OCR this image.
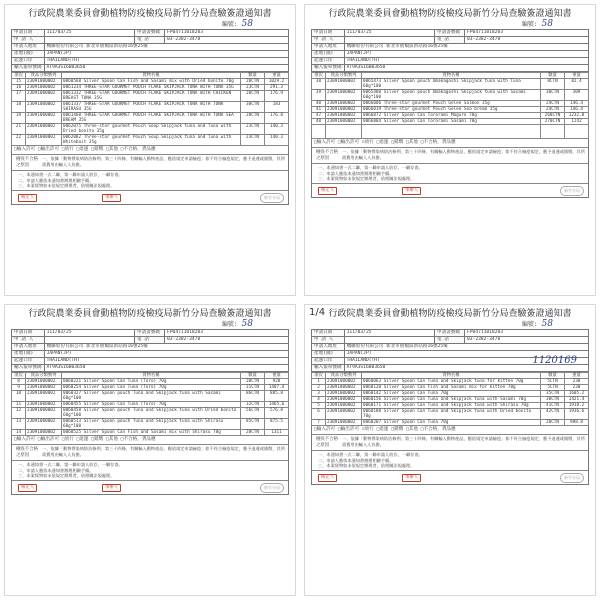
行政院農業委員會動植物防疫檢疫局新竹分局查驗簽證通知書
編號: 58
申請日期	111/03/25	申請書號碼	FP04711018203
申 請 人		電 話	03-2382-3478
申請人地址	機聯股份有限公司 新北市板橋區新站路16號25樓		
產地(國)	JAPAN(JP)		
起運口岸	THAILAND(TH)		
輸入報單號碼	AT9A3S16B03650		
項次	貨品分類號列	貨物名稱	數量	重量
15	23091000002	0060568 Silver Spoon Can Fish and Sasami mix with Dried bonito 70g	28CTN	1029.2
16	23091000002	0061234 THREE-STAR GOURMET POUCH FLAKE SKIPJACK TUNA WITH TUNA 35G	23CTN	291.3
17	23091000002	0061332 THREE-STAR GOURMET POUCH FLAKE SKIPJACK TUNA WITH CHICKEN BREAST TUNA 35G	20CTN	176.9
18	23091000002	0061337 THREE-STAR GOURMET POUCH FLAKE SKIPJACK TUNA WITH TUNA SHIRASU 35G	30CTN	183
19	23091000002	0061460 THREE-STAR GOURMET POUCH FLAKE SKIPJACK TUNA WITH TUNA SEA BREAM 35G	28CTN	176.8
21	23091000002	0062075 Three-star gourmet Pouch Soup Skipjack tuna and Tuna with Dried bonito 35g	23CTN	140.3
22	23091000002	0062082 Three-star gourmet Pouch Soup Skipjack tuna and Tuna with Whitebait 35g	23CTN	140.3
□輸入許可 □輸出許可 □放行 □退運 □銷燬 □其他 □不合格，貨品應
檢疫不合格之原因
一、依據「動物傳染病防治條例」第三十四條，有關輸入動物產品，應依規定申請檢疫；如不符合檢疫規定，應予退運或銷燬，其所需費用由輸入人負擔。
一、本通知書一式二聯，第一聯申請人收存，一聯存查。
二、申請人應依本通知書辦理相關手續。
三、本案貨物如未依規定辦理者，依相關法規處理。
核定人	承辦人	新竹分局
行政院農業委員會動植物防疫檢疫局新竹分局查驗簽證通知書
編號: 58
申請日期	111/03/25	申請書號碼	FP04711018203
申 請 人		電 話	03-2382-3478
申請人地址	機聯股份有限公司 新北市板橋區新站路16號25樓		
產地(國)	JAPAN(JP)		
起運口岸	THAILAND(TH)		
輸入報單號碼	AT9A3S16B03650		
項次	貨品分類號列	貨物名稱	數量	重量
38	23091000002	0065473 Silver Spoon pouch Umakagoshi Skipjack tuna with Tuna 60g*100	8CTN	82.4
39	23091000002	0065480 Silver Spoon pouch Umakagoshi Skipjack tuna with Sasami 60g*100	30CTN	309
40	23091000002	0066006 Three-star gourmet Pouch Gelee Salmon 35g	24CTN	146.4
41	23091000002	0066019 Three-star gourmet Pouch Gelee Sea bream 35g	24CTN	146.4
47	23091000002	0066872 Silver Spoon Can Tororami Maguro 70g	268CTN	1232.8
48	23091000002	0066884 Silver Spoon Can Tororami Sasami 70g	270CTN	1242

□輸入許可 □輸出許可 ☑放行 □退運 □銷燬 □其他 □不合格，貨品應
檢疫不合格之原因
一、依據「動物傳染病防治條例」第三十四條，有關輸入動物產品，應依規定申請檢疫；如不符合檢疫規定，應予退運或銷燬，其所需費用由輸入人負擔。
一、本通知書一式二聯，第一聯申請人收存，一聯存查。
二、申請人應依本通知書辦理相關手續。
三、本案貨物如未依規定辦理者，依相關法規處理。
核定人	承辦人	新竹分局
行政院農業委員會動植物防疫檢疫局新竹分局查驗簽證通知書
編號: 58
申請日期	111/03/25	申請書號碼	FP04711018203
申 請 人		電 話	03-2382-3478
申請人地址	機聯股份有限公司 新北市板橋區新站路16號25樓		
產地(國)	JAPAN(JP)		
起運口岸	THAILAND(TH)		
輸入報單號碼	AT9A3S16B03650		
項次	貨品分類號列	貨物名稱	數量	重量
8	23091000002	0060221 Silver Spoon Can Tuna (Toro) 70g	20CTN	920
9	23091000002	0060254 Silver Spoon Can Tuna (Toro) 70g	31CTN	1407.4
10	23091000002	0060327 Silver Spoon pouch Tuna and Skipjack tuna with Sasami 60g*100	86CTN	885.8
11	23091000002	0060455 Silver Spoon Can Tuna (Toro) 70g	32CTN	1465.6
12	23091000002	0060458 Silver Spoon pouch Tuna and Skipjack tuna with Dried bonito 60g*100	56CTN	576.8
13	23091000002	0060513 Silver Spoon pouch Tuna and Skipjack tuna with Shirasu 60g*100	85CTN	875.5
14	23091000002	0060525 Silver Spoon Can Fish and Sasami mix with Shirasu 70g	28CTN	1311
□輸入許可 □輸出許可 □放行 □退運 □銷燬 □其他 □不合格，貨品應
檢疫不合格之原因
一、依據「動物傳染病防治條例」第三十四條，有關輸入動物產品，應依規定申請檢疫；如不符合檢疫規定，應予退運或銷燬，其所需費用由輸入人負擔。
一、本通知書一式二聯，第一聯申請人收存，一聯存查。
二、申請人應依本通知書辦理相關手續。
三、本案貨物如未依規定辦理者，依相關法規處理。
核定人	承辦人	新竹分局
1/4 行政院農業委員會動植物防疫檢疫局新竹分局查驗簽證通知書
編號: 58
1120169
申請日期	111/03/25	申請書號碼	FP04711018203
申 請 人		電 話	03-2382-3478
申請人地址	機聯股份有限公司 新北市板橋區新站路16號25樓		
產地(國)	JAPAN(JP)		
起運口岸	THAILAND(TH)		
輸入報單號碼	AT9A3S16B03650		
項次	貨品分類號列	貨物名稱	數量	重量
1	23091000002	0060063 Silver Spoon Can Tuna and Skipjack tuna for kitten 70g	5CTN	230
2	23091000002	0060120 Silver Spoon Can Fish and Sasami mix for kitten 70g	5CTN	230
3	23091000002	0060142 Silver Spoon Can Tuna 70g	35CTN	1605.2
4	23091000002	0060156 Silver Spoon Can Tuna and Skipjack tuna with Sasami 70g	30CTN	1421.4
5	23091000002	0060171 Silver Spoon Can Tuna and Skipjack tuna with Shirasu 70g	41CTN	1918.2
6	23091000002	0060188 Silver Spoon Can Tuna and Skipjack tuna with Dried bonito 70g	42CTN	1936.6
7	23091000002	0060207 Silver Spoon Can Tuna 70g	20CTN	988.8
□輸入許可 □輸出許可 ☑放行 □退運 □銷燬 □其他 □不合格，貨品應
檢疫不合格之原因
一、依據「動物傳染病防治條例」第三十四條，有關輸入動物產品，應依規定申請檢疫；如不符合檢疫規定，應予退運或銷燬，其所需費用由輸入人負擔。
一、本通知書一式二聯，第一聯申請人收存，一聯存查。
二、申請人應依本通知書辦理相關手續。
三、本案貨物如未依規定辦理者，依相關法規處理。
核定人	承辦人	新竹分局
